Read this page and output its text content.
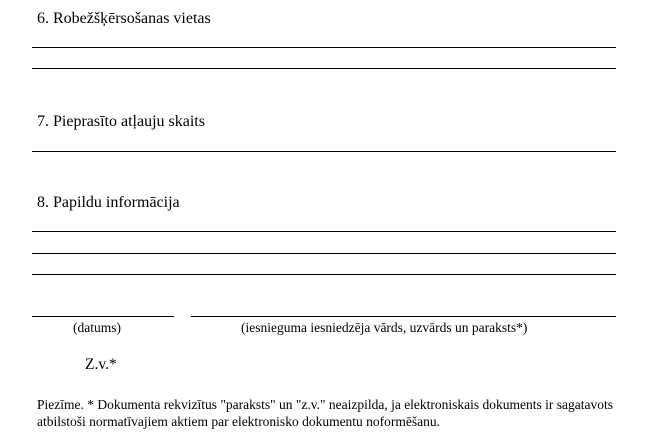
6. Robežšķērsošanas vietas
7. Pieprasīto atļauju skaits
8. Papildu informācija
(datums)	(iesnieguma iesniedzēja vārds, uzvārds un paraksts*)
Z.v.*
Piezīme. * Dokumenta rekvizītus "paraksts" un "z.v." neaizpilda, ja elektroniskais dokuments ir sagatavots atbilstoši normatīvajiem aktiem par elektronisko dokumentu noformēšanu.
